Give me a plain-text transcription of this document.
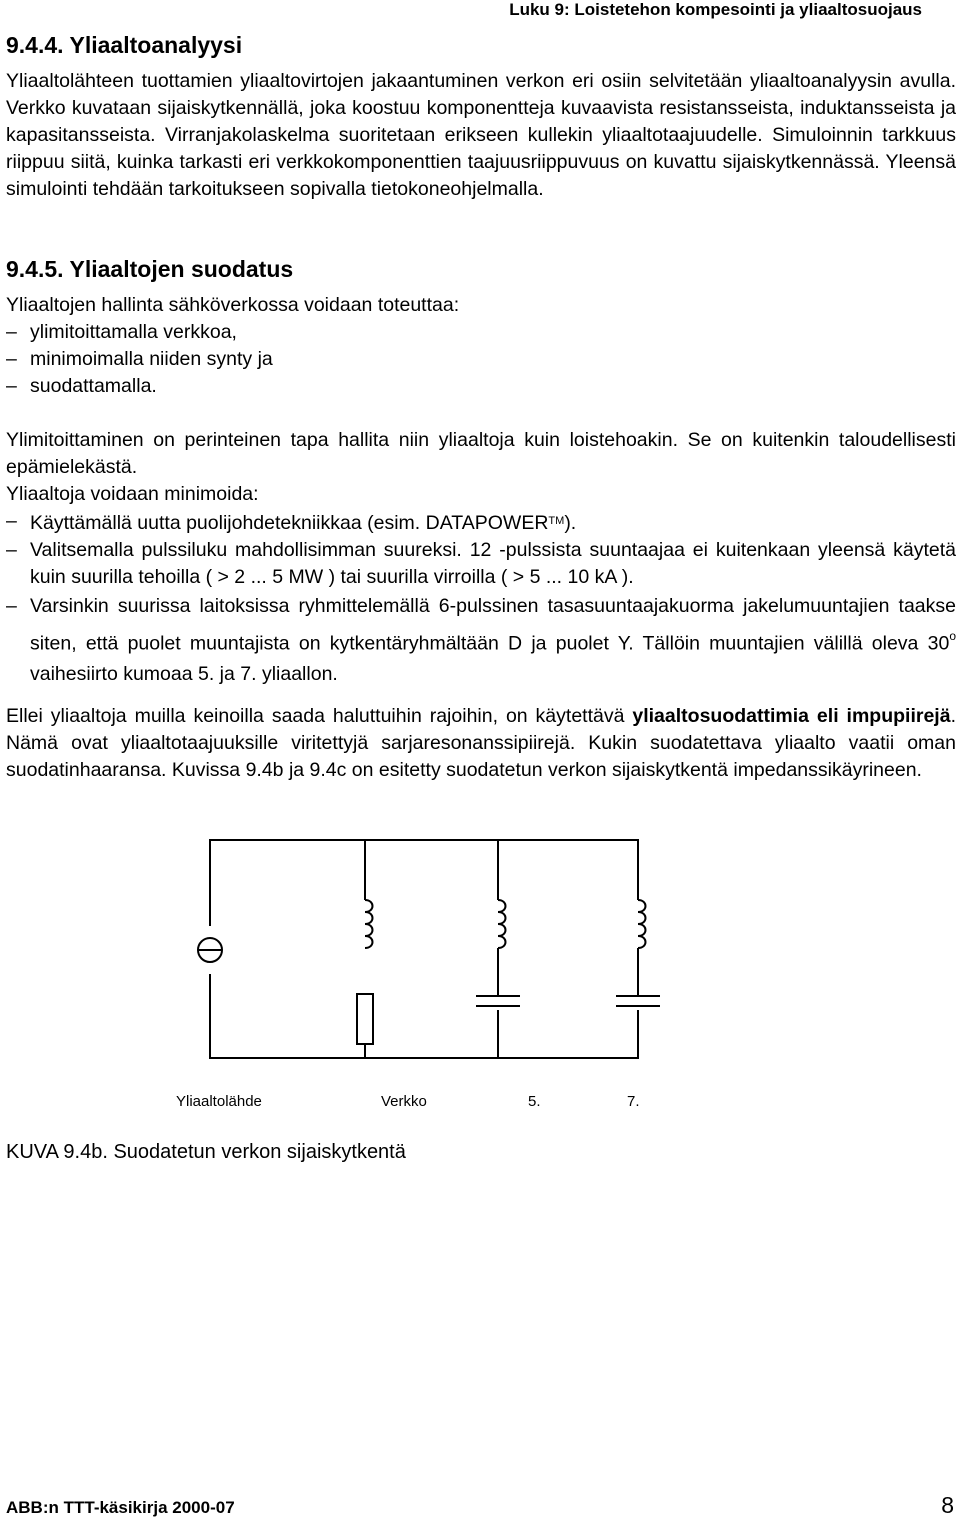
Luku 9: Loistetehon kompesointi ja yliaaltosuojaus
9.4.4. Yliaaltoanalyysi

Yliaaltolähteen tuottamien yliaaltovirtojen jakaantuminen verkon eri osiin selvitetään yliaaltoanalyysin avulla. Verkko kuvataan sijaiskytkennällä, joka koostuu komponentteja kuvaavista resistansseista, induktansseista ja kapasitansseista. Virranjakolaskelma suoritetaan erikseen kullekin yliaaltotaajuudelle. Simuloinnin tarkkuus riippuu siitä, kuinka tarkasti eri verkkokomponenttien taajuusriippuvuus on kuvattu sijaiskytkennässä. Yleensä simulointi tehdään tarkoitukseen sopivalla tietokoneohjelmalla.

9.4.5. Yliaaltojen suodatus

Yliaaltojen hallinta sähköverkossa voidaan toteuttaa:

– ylimitoittamalla verkkoa,
– minimoimalla niiden synty ja
– suodattamalla.

Ylimitoittaminen on perinteinen tapa hallita niin yliaaltoja kuin loistehoakin. Se on kuitenkin taloudellisesti epämielekästä.

Yliaaltoja voidaan minimoida:

– Käyttämällä uutta puolijohdetekniikkaa (esim. DATAPOWER™).
– Valitsemalla pulssiluku mahdollisimman suureksi. 12 -pulssista suuntaajaa ei kuitenkaan yleensä käytetä kuin suurilla tehoilla ( > 2 ... 5 MW ) tai suurilla virroilla ( > 5 ... 10 kA ).
– Varsinkin suurissa laitoksissa ryhmittelemällä 6-pulssinen tasasuuntaajakuorma jakelumuuntajien taakse siten, että puolet muuntajista on kytkentäryhmältään D ja puolet Y. Tällöin muuntajien välillä oleva 30$^o$ vaihesiirto kumoaa 5. ja 7. yliaallon.

Ellei yliaaltoja muilla keinoilla saada haluttuihin rajoihin, on käytettävä yliaaltosuodattimia eli impupiirejä. Nämä ovat yliaaltotaajuuksille viritettyjä sarjaresonanssipiirejä. Kukin suodatettava yliaalto vaatii oman suodatinhaaransa. Kuvissa 9.4b ja 9.4c on esitetty suodatetun verkon sijaiskytkentä impedanssikäyrineen.

Yliaaltolähde	Verkko	5.	7.
KUVA 9.4b. Suodatetun verkon sijaiskytkentä
ABB:n TTT-käsikirja 2000-07	8
